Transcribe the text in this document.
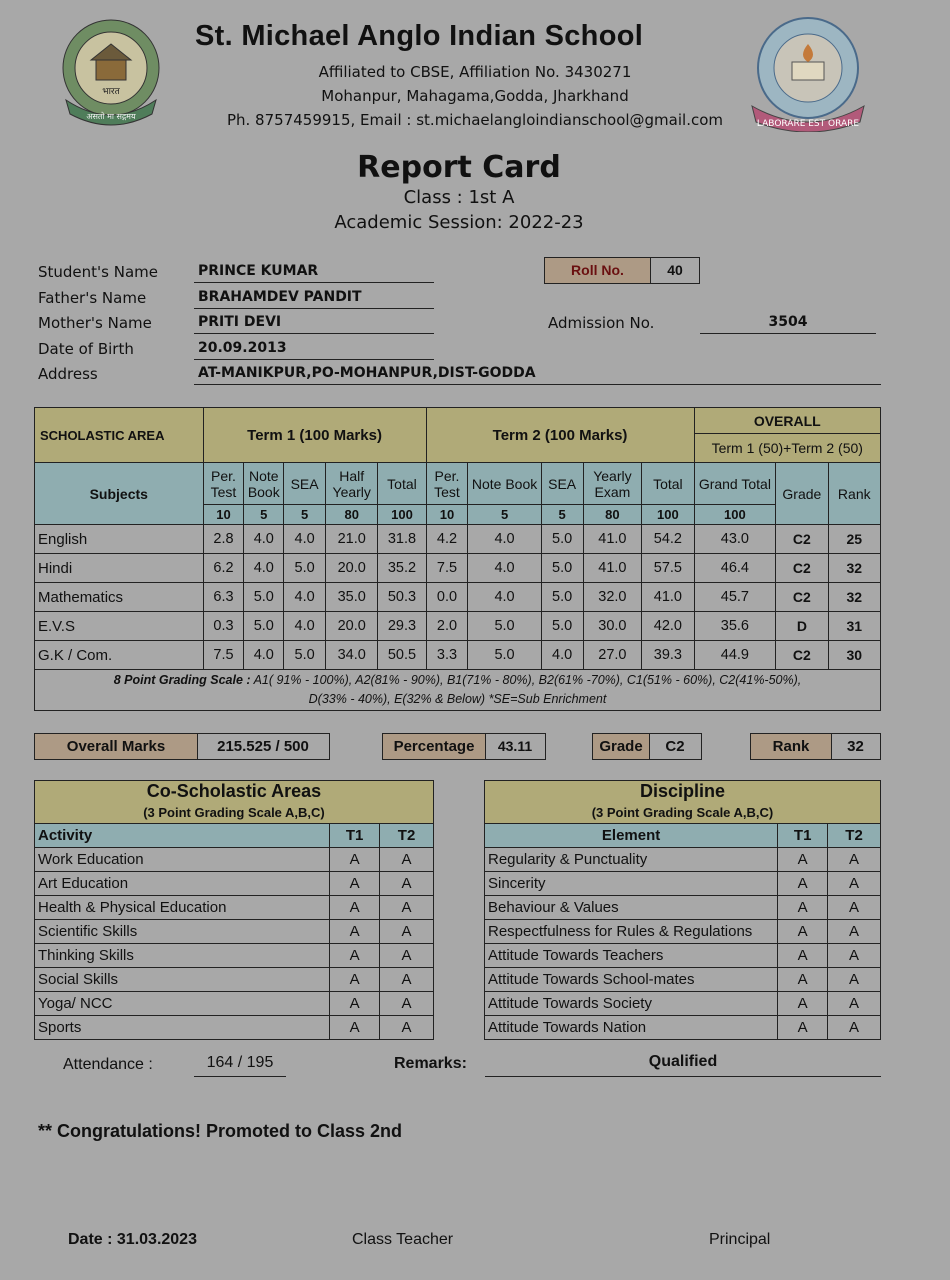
भारत
असतो मा सद्गमय
St. Michael Anglo Indian School
Affiliated to CBSE, Affiliation No. 3430271
Mohanpur, Mahagama,Godda, Jharkhand
Ph. 8757459915, Email : st.michaelangloindianschool@gmail.com	LABORARE EST ORARE
Report Card
Class : 1st A
Academic Session: 2022-23
Student's Name	PRINCE KUMAR
Father's Name	BRAHAMDEV PANDIT
Mother's Name	PRITI DEVI
Date of Birth	20.09.2013
Address	AT-MANIKPUR,PO-MOHANPUR,DIST-GODDA
Roll No.	40
Admission No.	3504
SCHOLASTIC AREA	Term 1 (100 Marks)					Term 2 (100 Marks)					OVERALL		
											Term 1 (50)+Term 2 (50)		
Subjects	Per. Test	Note Book	SEA	Half Yearly	Total	Per. Test	Note Book	SEA	Yearly Exam	Total	Grand Total	Grade	Rank
	10	5	5	80	100	10	5	5	80	100	100		
English	2.8	4.0	4.0	21.0	31.8	4.2	4.0	5.0	41.0	54.2	43.0	C2	25
Hindi	6.2	4.0	5.0	20.0	35.2	7.5	4.0	5.0	41.0	57.5	46.4	C2	32
Mathematics	6.3	5.0	4.0	35.0	50.3	0.0	4.0	5.0	32.0	41.0	45.7	C2	32
E.V.S	0.3	5.0	4.0	20.0	29.3	2.0	5.0	5.0	30.0	42.0	35.6	D	31
G.K / Com.	7.5	4.0	5.0	34.0	50.5	3.3	5.0	4.0	27.0	39.3	44.9	C2	30
8 Point Grading Scale : A1( 91% - 100%), A2(81% - 90%), B1(71% - 80%), B2(61% -70%), C1(51% - 60%), C2(41%-50%),
D(33% - 40%), E(32% & Below) *SE=Sub Enrichment													
Overall Marks	215.525 / 500	Percentage	43.11	Grade	C2	Rank	32
Co-Scholastic Areas		
(3 Point Grading Scale A,B,C)		
Activity	T1	T2
Work Education	A	A
Art Education	A	A
Health & Physical Education	A	A
Scientific Skills	A	A
Thinking Skills	A	A
Social Skills	A	A
Yoga/ NCC	A	A
Sports	A	A
Discipline		
(3 Point Grading Scale A,B,C)		
Element	T1	T2
Regularity & Punctuality	A	A
Sincerity	A	A
Behaviour & Values	A	A
Respectfulness for Rules & Regulations	A	A
Attitude Towards Teachers	A	A
Attitude Towards School-mates	A	A
Attitude Towards Society	A	A
Attitude Towards Nation	A	A
Attendance :	164 / 195	Remarks:	Qualified
** Congratulations! Promoted to Class 2nd
Date : 31.03.2023	Class Teacher	Principal
